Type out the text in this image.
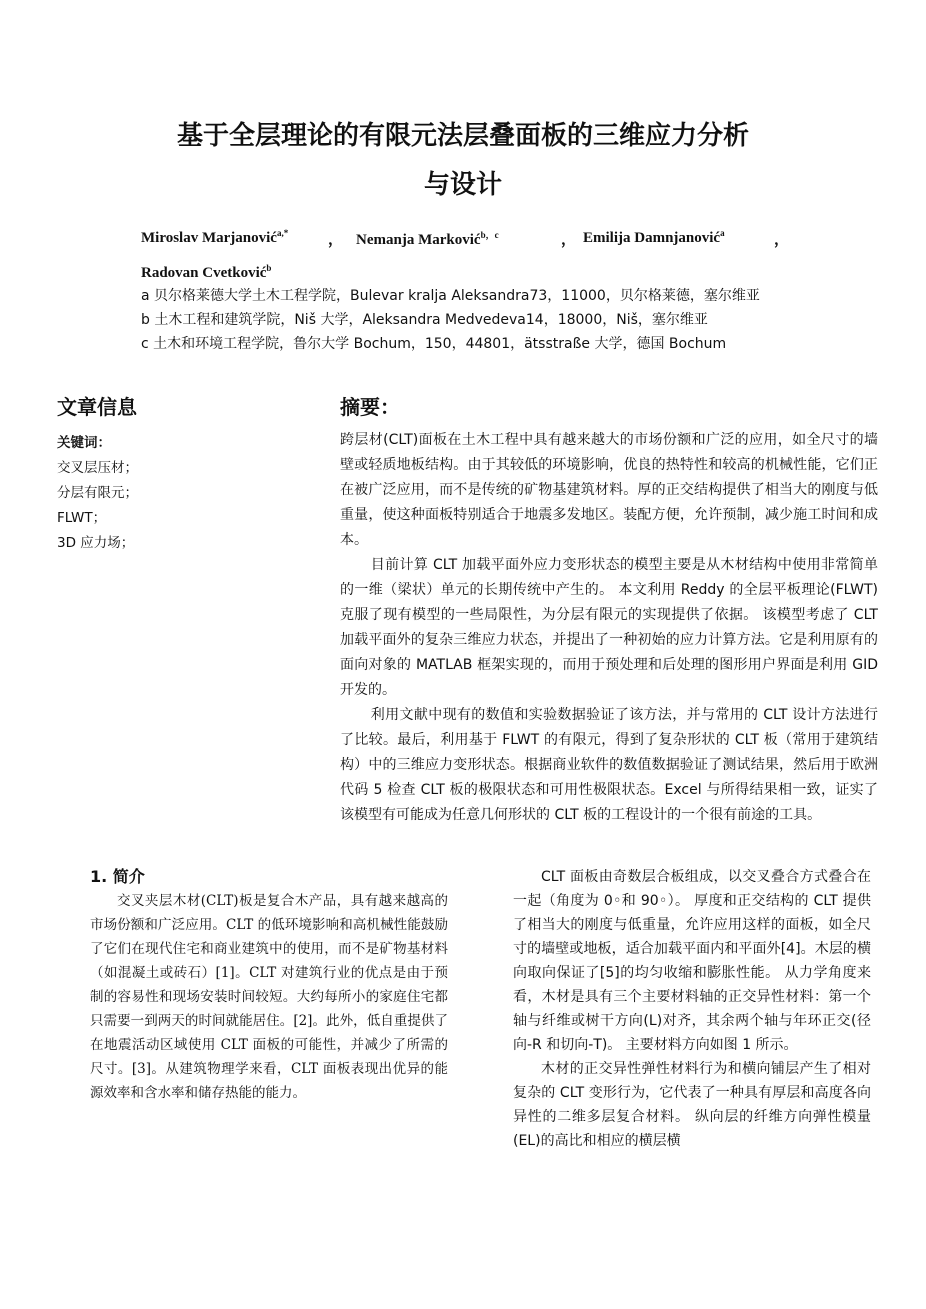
基于全层理论的有限元法层叠面板的三维应力分析
与设计
Miroslav Marjanović$^{a,*}$	， Nemanja Marković$^{b,c}$	， Emilija Damnjanović$^a$	，
Radovan Cvetković$^b$

a 贝尔格莱德大学土木工程学院，Bulevar kralja Aleksandra73，11000，贝尔格莱德，塞尔维亚

b 土木工程和建筑学院，Niš 大学，Aleksandra Medvedeva14，18000，Niš，塞尔维亚

c 土木和环境工程学院，鲁尔大学 Bochum，150，44801，ätsstraße 大学，德国 Bochum

文章信息	摘要：
关键词：
交叉层压材；
分层有限元；
FLWT；
3D 应力场；

跨层材(CLT)面板在土木工程中具有越来越大的市场份额和广泛的应用，如全尺寸的墙壁或轻质地板结构。由于其较低的环境影响，优良的热特性和较高的机械性能，它们正在被广泛应用，而不是传统的矿物基建筑材料。厚的正交结构提供了相当大的刚度与低重量，使这种面板特别适合于地震多发地区。装配方便，允许预制，减少施工时间和成本。

目前计算 CLT 加载平面外应力变形状态的模型主要是从木材结构中使用非常简单的一维（梁状）单元的长期传统中产生的。 本文利用 Reddy 的全层平板理论(FLWT)克服了现有模型的一些局限性，为分层有限元的实现提供了依据。 该模型考虑了 CLT 加载平面外的复杂三维应力状态，并提出了一种初始的应力计算方法。它是利用原有的面向对象的 MATLAB 框架实现的，而用于预处理和后处理的图形用户界面是利用 GID 开发的。

利用文献中现有的数值和实验数据验证了该方法，并与常用的 CLT 设计方法进行了比较。最后，利用基于 FLWT 的有限元，得到了复杂形状的 CLT 板（常用于建筑结构）中的三维应力变形状态。根据商业软件的数值数据验证了测试结果，然后用于欧洲代码 5 检查 CLT 板的极限状态和可用性极限状态。Excel 与所得结果相一致，证实了该模型有可能成为任意几何形状的 CLT 板的工程设计的一个很有前途的工具。

1. 简介

交叉夹层木材(CLT)板是复合木产品，具有越来越高的市场份额和广泛应用。CLT 的低环境影响和高机械性能鼓励了它们在现代住宅和商业建筑中的使用，而不是矿物基材料（如混凝土或砖石）[1]。CLT 对建筑行业的优点是由于预制的容易性和现场安装时间较短。大约每所小的家庭住宅都只需要一到两天的时间就能居住。[2]。此外，低自重提供了在地震活动区域使用 CLT 面板的可能性，并减少了所需的尺寸。[3]。从建筑物理学来看，CLT 面板表现出优异的能源效率和含水率和储存热能的能力。

CLT 面板由奇数层合板组成，以交叉叠合方式叠合在一起（角度为 0◦和 90◦）。 厚度和正交结构的 CLT 提供了相当大的刚度与低重量，允许应用这样的面板，如全尺寸的墙壁或地板，适合加载平面内和平面外[4]。木层的横向取向保证了[5]的均匀收缩和膨胀性能。 从力学角度来看，木材是具有三个主要材料轴的正交异性材料：第一个轴与纤维或树干方向(L)对齐，其余两个轴与年环正交(径向-R 和切向-T)。 主要材料方向如图 1 所示。

木材的正交异性弹性材料行为和横向铺层产生了相对复杂的 CLT 变形行为，它代表了一种具有厚层和高度各向异性的二维多层复合材料。 纵向层的纤维方向弹性模量(EL)的高比和相应的横层横
